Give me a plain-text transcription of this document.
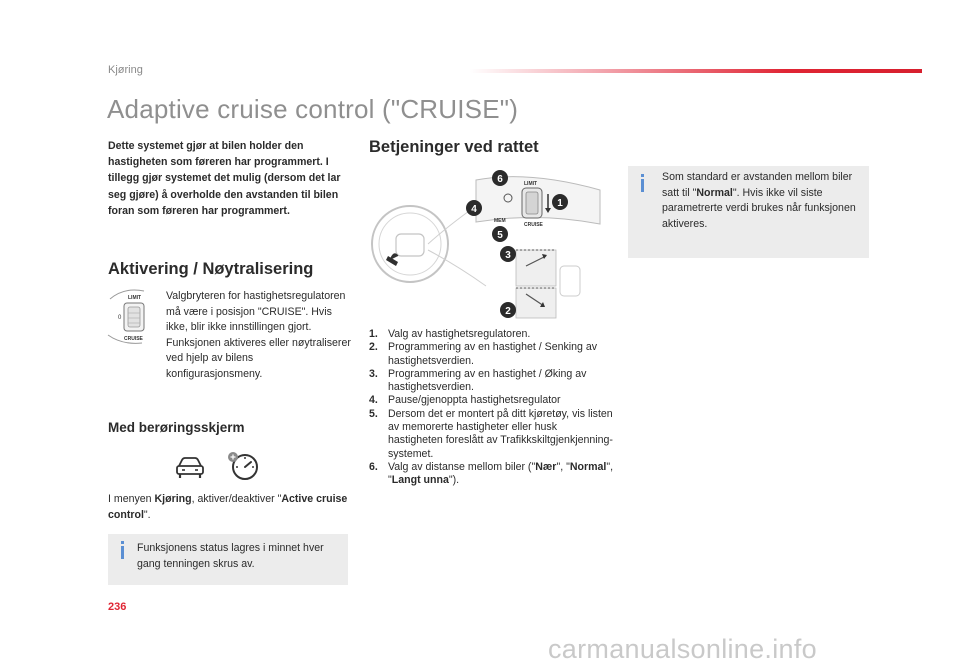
Kjøring
Adaptive cruise control ("CRUISE")
Dette systemet gjør at bilen holder den hastigheten som føreren har programmert. I tillegg gjør systemet det mulig (dersom det lar seg gjøre) å overholde den avstanden til bilen foran som føreren har programmert.
Aktivering / Nøytralisering
LIMIT
0
CRUISE
Valgbryteren for hastighetsregulatoren må være i posisjon "CRUISE". Hvis ikke, blir ikke innstillingen gjort. Funksjonen aktiveres eller nøytraliserer ved hjelp av bilens konfigurasjonsmeny.
Med berøringsskjerm
I menyen Kjøring, aktiver/deaktiver "Active cruise control".
Funksjonens status lagres i minnet hver gang tenningen skrus av.
Betjeninger ved rattet
LIMIT
CRUISE
MEM
6
4
1
5
3
2
1. Valg av hastighetsregulatoren.
2. Programmering av en hastighet / Senking av hastighetsverdien.
3. Programmering av en hastighet / Øking av hastighetsverdien.
4. Pause/gjenoppta hastighetsregulator
5. Dersom det er montert på ditt kjøretøy, vis listen av memorerte hastigheter eller husk hastigheten foreslått av Trafikkskiltgjenkjenning-systemet.
6. Valg av distanse mellom biler ("Nær", "Normal", "Langt unna").
Som standard er avstanden mellom biler satt til "Normal". Hvis ikke vil siste parametrerte verdi brukes når funksjonen aktiveres.
236
carmanualsonline.info
